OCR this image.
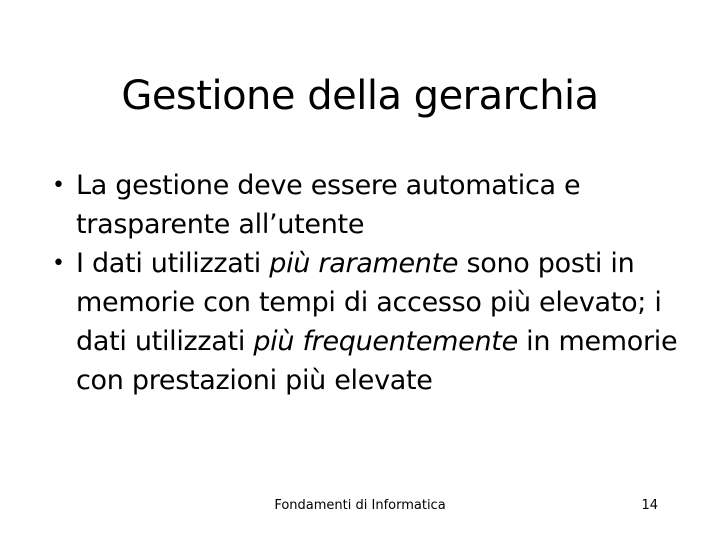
Gestione della gerarchia
• La gestione deve essere automatica e trasparente all’utente
• I dati utilizzati più raramente sono posti in memorie con tempi di accesso più elevato; i dati utilizzati più frequentemente in memorie con prestazioni più elevate
Fondamenti di Informatica	14
